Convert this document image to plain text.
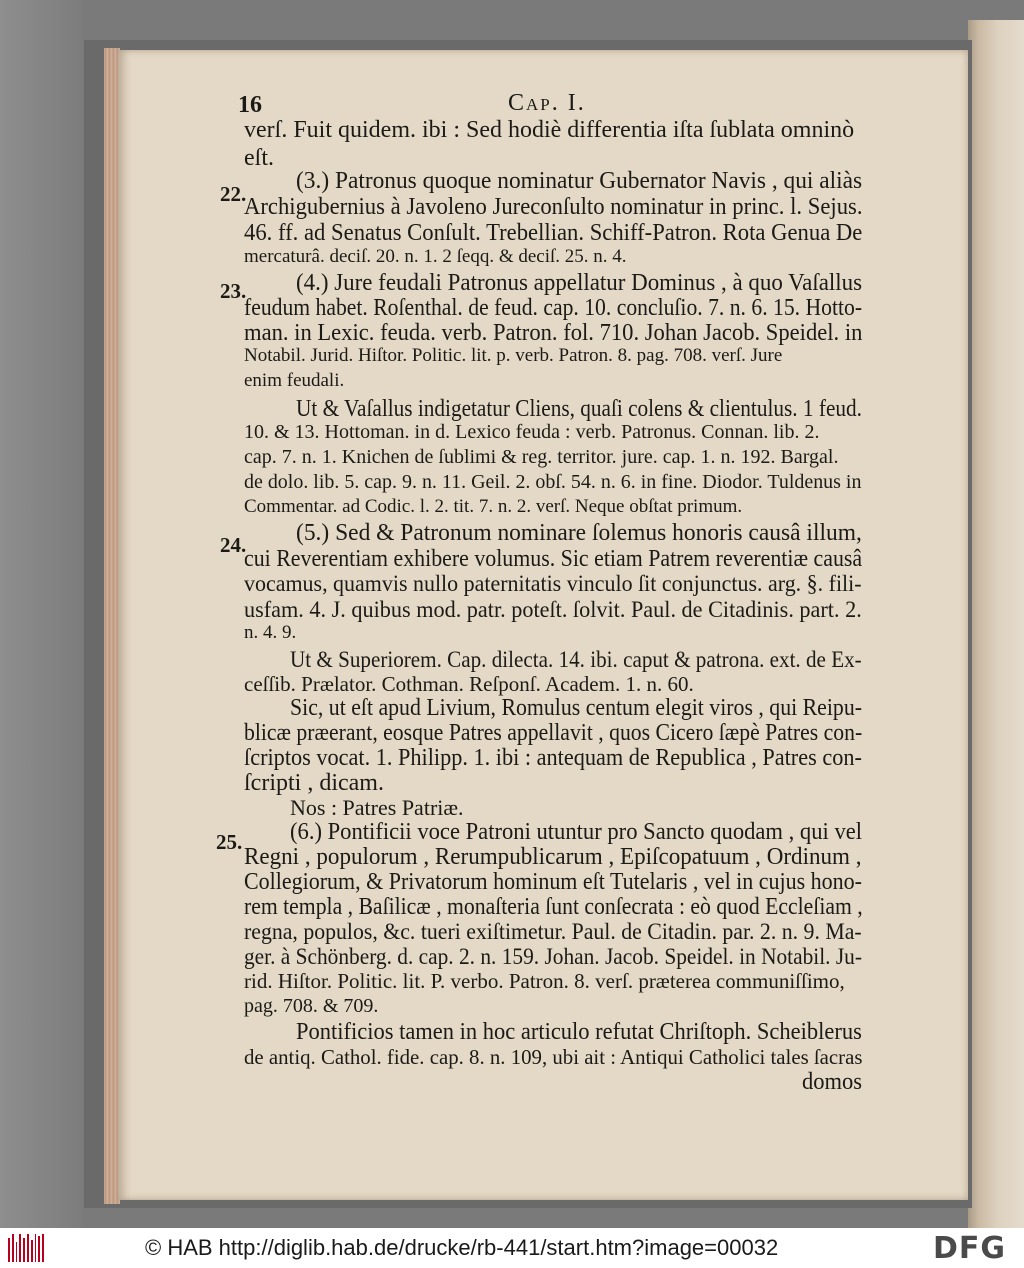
16	Cap. I.
22.
23.
24.
25.
verſ. Fuit quidem. ibi : Sed hodiè differentia iſta ſublata omninò
eſt.
(3.) Patronus quoque nominatur Gubernator Navis , qui aliàs
Archigubernius à Javoleno Jureconſulto nominatur in princ. l. Sejus.
46. ff. ad Senatus Conſult. Trebellian. Schiff-Patron. Rota Genua De
mercaturâ. deciſ. 20. n. 1. 2 ſeqq. & deciſ. 25. n. 4.
(4.) Jure feudali Patronus appellatur Dominus , à quo Vaſallus
feudum habet. Roſenthal. de feud. cap. 10. concluſio. 7. n. 6. 15. Hotto-
man. in Lexic. feuda. verb. Patron. fol. 710. Johan Jacob. Speidel. in
Notabil. Jurid. Hiſtor. Politic. lit. p. verb. Patron. 8. pag. 708. verſ. Jure
enim feudali.
Ut & Vaſallus indigetatur Cliens, quaſi colens & clientulus. 1 feud.
10. & 13. Hottoman. in d. Lexico feuda : verb. Patronus. Connan. lib. 2.
cap. 7. n. 1. Knichen de ſublimi & reg. territor. jure. cap. 1. n. 192. Bargal.
de dolo. lib. 5. cap. 9. n. 11. Geil. 2. obſ. 54. n. 6. in fine. Diodor. Tuldenus in
Commentar. ad Codic. l. 2. tit. 7. n. 2. verſ. Neque obſtat primum.
(5.) Sed & Patronum nominare ſolemus honoris causâ illum,
cui Reverentiam exhibere volumus. Sic etiam Patrem reverentiæ causâ
vocamus, quamvis nullo paternitatis vinculo ſit conjunctus. arg. §. fili-
usfam. 4. J. quibus mod. patr. poteſt. ſolvit. Paul. de Citadinis. part. 2.
n. 4. 9.
Ut & Superiorem. Cap. dilecta. 14. ibi. caput & patrona. ext. de Ex-
ceſſib. Prælator. Cothman. Reſponſ. Academ. 1. n. 60.
Sic, ut eſt apud Livium, Romulus centum elegit viros , qui Reipu-
blicæ præerant, eosque Patres appellavit , quos Cicero ſæpè Patres con-
ſcriptos vocat. 1. Philipp. 1. ibi : antequam de Republica , Patres con-
ſcripti , dicam.
Nos : Patres Patriæ.
(6.) Pontificii voce Patroni utuntur pro Sancto quodam , qui vel
Regni , populorum , Rerumpublicarum , Epiſcopatuum , Ordinum ,
Collegiorum, & Privatorum hominum eſt Tutelaris , vel in cujus hono-
rem templa , Baſilicæ , monaſteria ſunt conſecrata : eò quod Eccleſiam ,
regna, populos, &c. tueri exiſtimetur. Paul. de Citadin. par. 2. n. 9. Ma-
ger. à Schönberg. d. cap. 2. n. 159. Johan. Jacob. Speidel. in Notabil. Ju-
rid. Hiſtor. Politic. lit. P. verbo. Patron. 8. verſ. præterea communiſſimo,
pag. 708. & 709.
Pontificios tamen in hoc articulo refutat Chriſtoph. Scheiblerus
de antiq. Cathol. fide. cap. 8. n. 109, ubi ait : Antiqui Catholici tales ſacras
domos
© HAB http://diglib.hab.de/drucke/rb-441/start.htm?image=00032	DFG
